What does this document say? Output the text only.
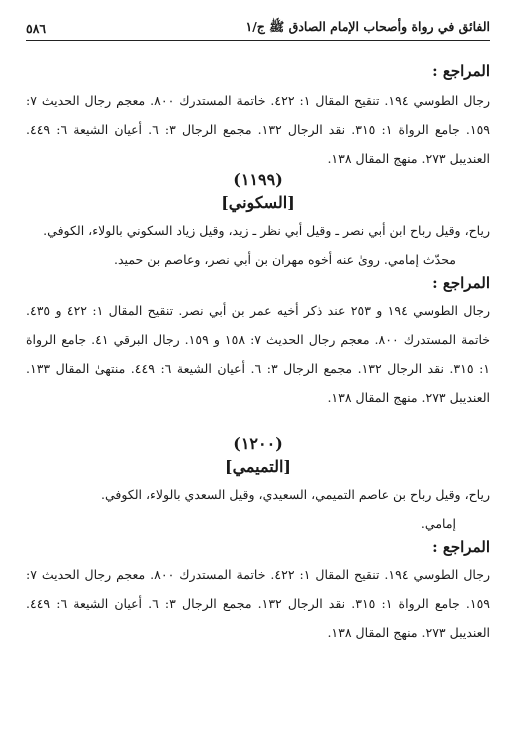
الفائق في رواة وأصحاب الإمام الصادق ﷺ ج/١
٥٨٦
المراجع :

رجال الطوسي ١٩٤. تنقيح المقال ١: ٤٢٢. خاتمة المستدرك ٨٠٠. معجم رجال الحديث ٧: ١٥٩. جامع الرواة ١: ٣١٥. نقد الرجال ١٣٢. مجمع الرجال ٣: ٦. أعيان الشيعة ٦: ٤٤٩. العنديبل ٢٧٣. منهج المقال ١٣٨.

(١١٩٩)
[السكوني]

رياح، وقيل رباح ابن أبي نصر ـ وقيل أبي نظر ـ زيد، وقيل زياد السكوني بالولاء، الكوفي.

محدّث إمامي. روىٰ عنه أخوه مهران بن أبي نصر، وعاصم بن حميد.

المراجع :

رجال الطوسي ١٩٤ و ٢٥٣ عند ذكر أخيه عمر بن أبي نصر. تنقيح المقال ١: ٤٢٢ و ٤٣٥. خاتمة المستدرك ٨٠٠. معجم رجال الحديث ٧: ١٥٨ و ١٥٩. رجال البرقي ٤١. جامع الرواة ١: ٣١٥. نقد الرجال ١٣٢. مجمع الرجال ٣: ٦. أعيان الشيعة ٦: ٤٤٩. منتهىٰ المقال ١٣٣. العنديبل ٢٧٣. منهج المقال ١٣٨.

(١٢٠٠)
[التميمي]

رياح، وقيل رباح بن عاصم التميمي، السعيدي، وقيل السعدي بالولاء، الكوفي.

إمامي.

المراجع :

رجال الطوسي ١٩٤. تنقيح المقال ١: ٤٢٢. خاتمة المستدرك ٨٠٠. معجم رجال الحديث ٧: ١٥٩. جامع الرواة ١: ٣١٥. نقد الرجال ١٣٢. مجمع الرجال ٣: ٦. أعيان الشيعة ٦: ٤٤٩. العنديبل ٢٧٣. منهج المقال ١٣٨.
